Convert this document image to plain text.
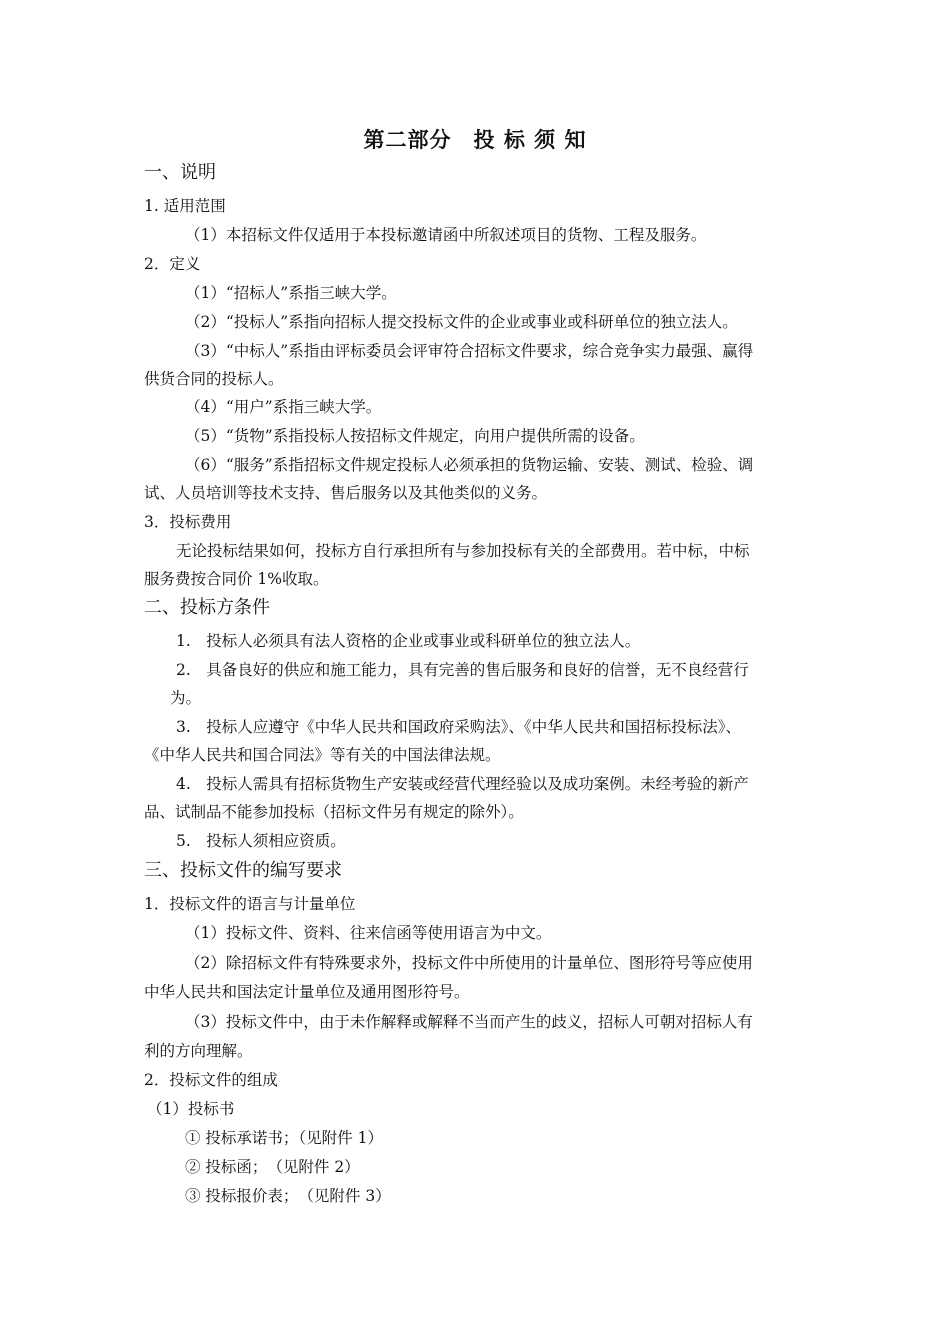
第二部分　投 标 须 知
一、说明
1. 适用范围
（1）本招标文件仅适用于本投标邀请函中所叙述项目的货物、工程及服务。
2．定义
（1）“招标人”系指三峡大学。
（2）“投标人”系指向招标人提交投标文件的企业或事业或科研单位的独立法人。
（3）“中标人”系指由评标委员会评审符合招标文件要求，综合竞争实力最强、赢得
供货合同的投标人。
（4）“用户”系指三峡大学。
（5）“货物”系指投标人按招标文件规定，向用户提供所需的设备。
（6）“服务”系指招标文件规定投标人必须承担的货物运输、安装、测试、检验、调
试、人员培训等技术支持、售后服务以及其他类似的义务。
3．投标费用
无论投标结果如何，投标方自行承担所有与参加投标有关的全部费用。若中标，中标
服务费按合同价 1%收取。
二、投标方条件
1.　投标人必须具有法人资格的企业或事业或科研单位的独立法人。
2.　具备良好的供应和施工能力，具有完善的售后服务和良好的信誉，无不良经营行
为。
3.　投标人应遵守《中华人民共和国政府采购法》、《中华人民共和国招标投标法》、
《中华人民共和国合同法》等有关的中国法律法规。
4.　投标人需具有招标货物生产安装或经营代理经验以及成功案例。未经考验的新产
品、试制品不能参加投标（招标文件另有规定的除外）。
5.　投标人须相应资质。
三、投标文件的编写要求
1．投标文件的语言与计量单位
（1）投标文件、资料、往来信函等使用语言为中文。
（2）除招标文件有特殊要求外，投标文件中所使用的计量单位、图形符号等应使用
中华人民共和国法定计量单位及通用图形符号。
（3）投标文件中，由于未作解释或解释不当而产生的歧义，招标人可朝对招标人有
利的方向理解。
2．投标文件的组成
（1）投标书
① 投标承诺书；（见附件 1）
② 投标函；　（见附件 2）
③ 投标报价表；　（见附件 3）
